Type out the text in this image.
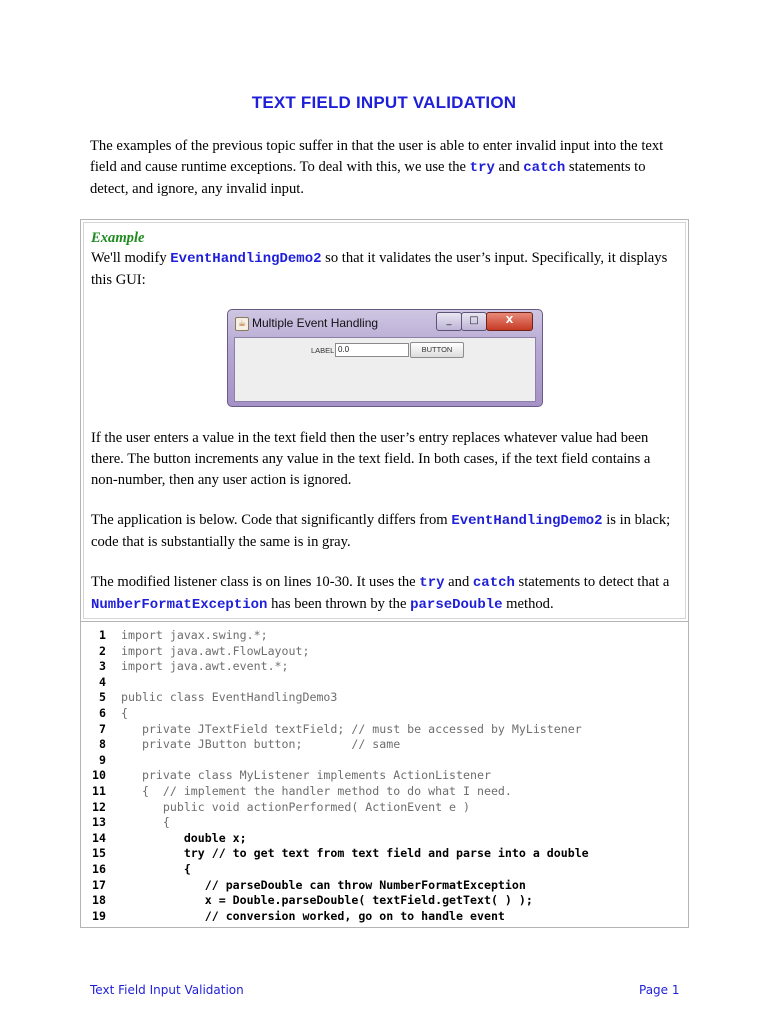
TEXT FIELD INPUT VALIDATION
The examples of the previous topic suffer in that the user is able to enter invalid input into the text field and cause runtime exceptions. To deal with this, we use the try and catch statements to detect, and ignore, any invalid input.
Example
We'll modify EventHandlingDemo2 so that it validates the user’s input. Specifically, it displays this GUI:
☕ Multiple Event Handling	_	□	X
LABEL 0.0	BUTTON
If the user enters a value in the text field then the user’s entry replaces whatever value had been there. The button increments any value in the text field. In both cases, if the text field contains a non-number, then any user action is ignored.
The application is below. Code that significantly differs from EventHandlingDemo2 is in black; code that is substantially the same is in gray.
The modified listener class is on lines 10-30. It uses the try and catch statements to detect that a NumberFormatException has been thrown by the parseDouble method.
1 import javax.swing.*;
2 import java.awt.FlowLayout;
3 import java.awt.event.*;
4
5 public class EventHandlingDemo3
6 {
7 private JTextField textField; // must be accessed by MyListener
8 private JButton button;       // same
9
10 private class MyListener implements ActionListener
11 {  // implement the handler method to do what I need.
12 public void actionPerformed( ActionEvent e )
13 {
14 double x;
15 try // to get text from text field and parse into a double
16 {
17 // parseDouble can throw NumberFormatException
18 x = Double.parseDouble( textField.getText( ) );
19 // conversion worked, go on to handle event
Text Field Input Validation	Page 1
